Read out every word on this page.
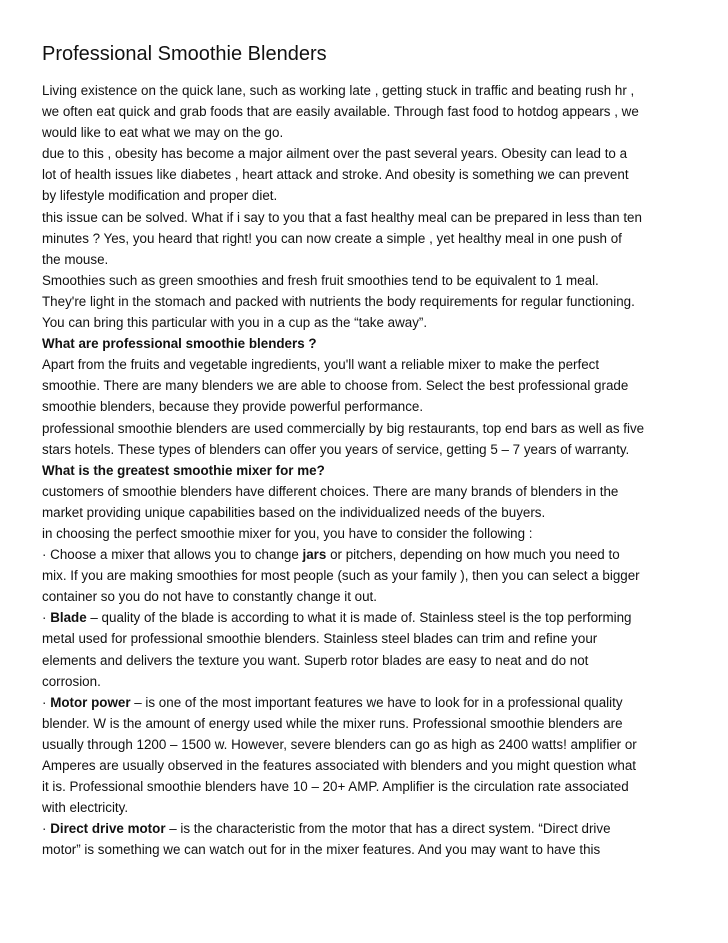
Professional Smoothie Blenders
Living existence on the quick lane, such as working late , getting stuck in traffic and beating rush hr ,
we often eat quick and grab foods that are easily available. Through fast food to hotdog appears , we
would like to eat what we may on the go.
due to this , obesity has become a major ailment over the past several years. Obesity can lead to a
lot of health issues like diabetes , heart attack and stroke. And obesity is something we can prevent
by lifestyle modification and proper diet.
this issue can be solved. What if i say to you that a fast healthy meal can be prepared in less than ten
minutes ? Yes, you heard that right! you can now create a simple , yet healthy meal in one push of
the mouse.
Smoothies such as green smoothies and fresh fruit smoothies tend to be equivalent to 1 meal.
They're light in the stomach and packed with nutrients the body requirements for regular functioning.
You can bring this particular with you in a cup as the “take away”.
What are professional smoothie blenders ?
Apart from the fruits and vegetable ingredients, you'll want a reliable mixer to make the perfect
smoothie. There are many blenders we are able to choose from. Select the best professional grade
smoothie blenders, because they provide powerful performance.
professional smoothie blenders are used commercially by big restaurants, top end bars as well as five
stars hotels. These types of blenders can offer you years of service, getting 5 – 7 years of warranty.
What is the greatest smoothie mixer for me?
customers of smoothie blenders have different choices. There are many brands of blenders in the
market providing unique capabilities based on the individualized needs of the buyers.
in choosing the perfect smoothie mixer for you, you have to consider the following :
· Choose a mixer that allows you to change jars or pitchers, depending on how much you need to
mix. If you are making smoothies for most people (such as your family ), then you can select a bigger
container so you do not have to constantly change it out.
· Blade – quality of the blade is according to what it is made of. Stainless steel is the top performing
metal used for professional smoothie blenders. Stainless steel blades can trim and refine your
elements and delivers the texture you want. Superb rotor blades are easy to neat and do not
corrosion.
· Motor power – is one of the most important features we have to look for in a professional quality
blender. W is the amount of energy used while the mixer runs. Professional smoothie blenders are
usually through 1200 – 1500 w. However, severe blenders can go as high as 2400 watts! amplifier or
Amperes are usually observed in the features associated with blenders and you might question what
it is. Professional smoothie blenders have 10 – 20+ AMP. Amplifier is the circulation rate associated
with electricity.
· Direct drive motor – is the characteristic from the motor that has a direct system. “Direct drive
motor” is something we can watch out for in the mixer features. And you may want to have this
